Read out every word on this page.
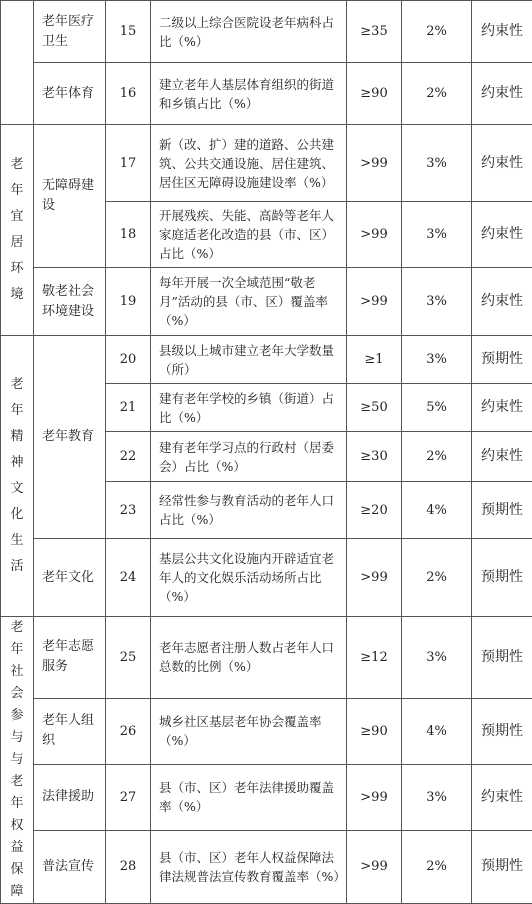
	老年医疗卫生	15	二级以上综合医院设老年病科占比（%）	≥35	2%	约束性
	老年体育	16	建立老年人基层体育组织的街道和乡镇占比（%）	≥90	2%	约束性

老年宜居环境	无障碍建设	17	新（改、扩）建的道路、公共建筑、公共交通设施、居住建筑、居住区无障碍设施建设率（%）	>99	3%	约束性
		18	开展残疾、失能、高龄等老年人家庭适老化改造的县（市、区）占比（%）	>99	3%	约束性
	敬老社会环境建设	19	每年开展一次全域范围“敬老月”活动的县（市、区）覆盖率（%）	>99	3%	约束性

老年精神文化生活	老年教育	20	县级以上城市建立老年大学数量（所）	≥1	3%	预期性
		21	建有老年学校的乡镇（街道）占比（%）	≥50	5%	约束性
		22	建有老年学习点的行政村（居委会）占比（%）	≥30	2%	约束性
		23	经常性参与教育活动的老年人口占比（%）	≥20	4%	预期性
	老年文化	24	基层公共文化设施内开辟适宜老年人的文化娱乐活动场所占比（%）	>99	2%	预期性

老年社会参与与老年权益保障	老年志愿服务	25	老年志愿者注册人数占老年人口总数的比例（%）	≥12	3%	预期性
	老年人组织	26	城乡社区基层老年协会覆盖率（%）	≥90	4%	预期性
	法律援助	27	县（市、区）老年法律援助覆盖率（%）	>99	3%	约束性
	普法宣传	28	县（市、区）老年人权益保障法律法规普法宣传教育覆盖率（%）	>99	2%	预期性
